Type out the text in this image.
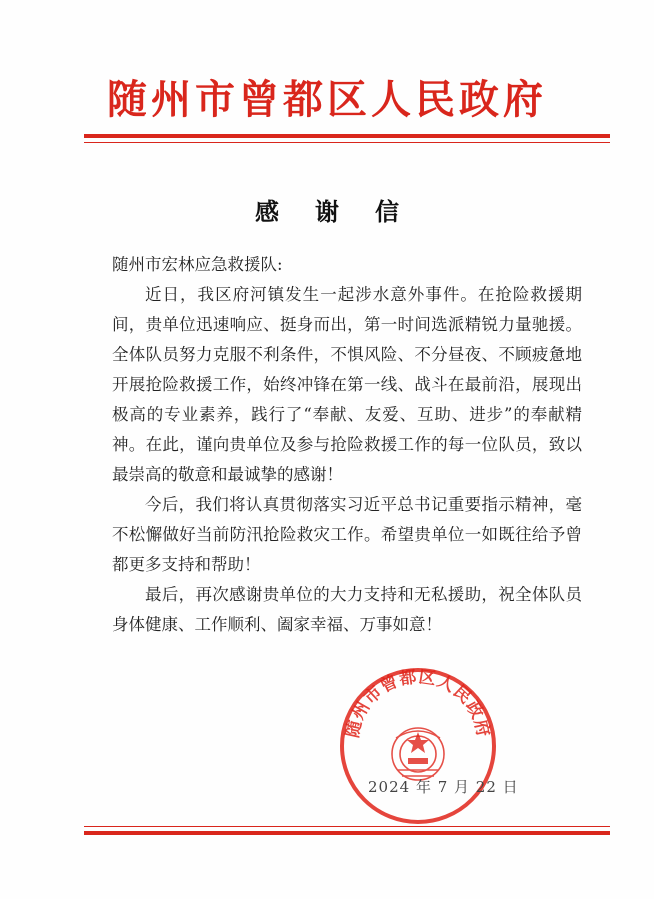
随州市曾都区人民政府
感谢信

随州市宏林应急救援队:

近日，我区府河镇发生一起涉水意外事件。在抢险救援期间，贵单位迅速响应、挺身而出，第一时间选派精锐力量驰援。全体队员努力克服不利条件，不惧风险、不分昼夜、不顾疲惫地开展抢险救援工作，始终冲锋在第一线、战斗在最前沿，展现出极高的专业素养，践行了“奉献、友爱、互助、进步”的奉献精神。在此，谨向贵单位及参与抢险救援工作的每一位队员，致以最崇高的敬意和最诚挚的感谢！

今后，我们将认真贯彻落实习近平总书记重要指示精神，毫不松懈做好当前防汛抢险救灾工作。希望贵单位一如既往给予曾都更多支持和帮助！

最后，再次感谢贵单位的大力支持和无私援助，祝全体队员身体健康、工作顺利、阖家幸福、万事如意！

随州市曾都区人民政府
2024 年 7 月 22 日
